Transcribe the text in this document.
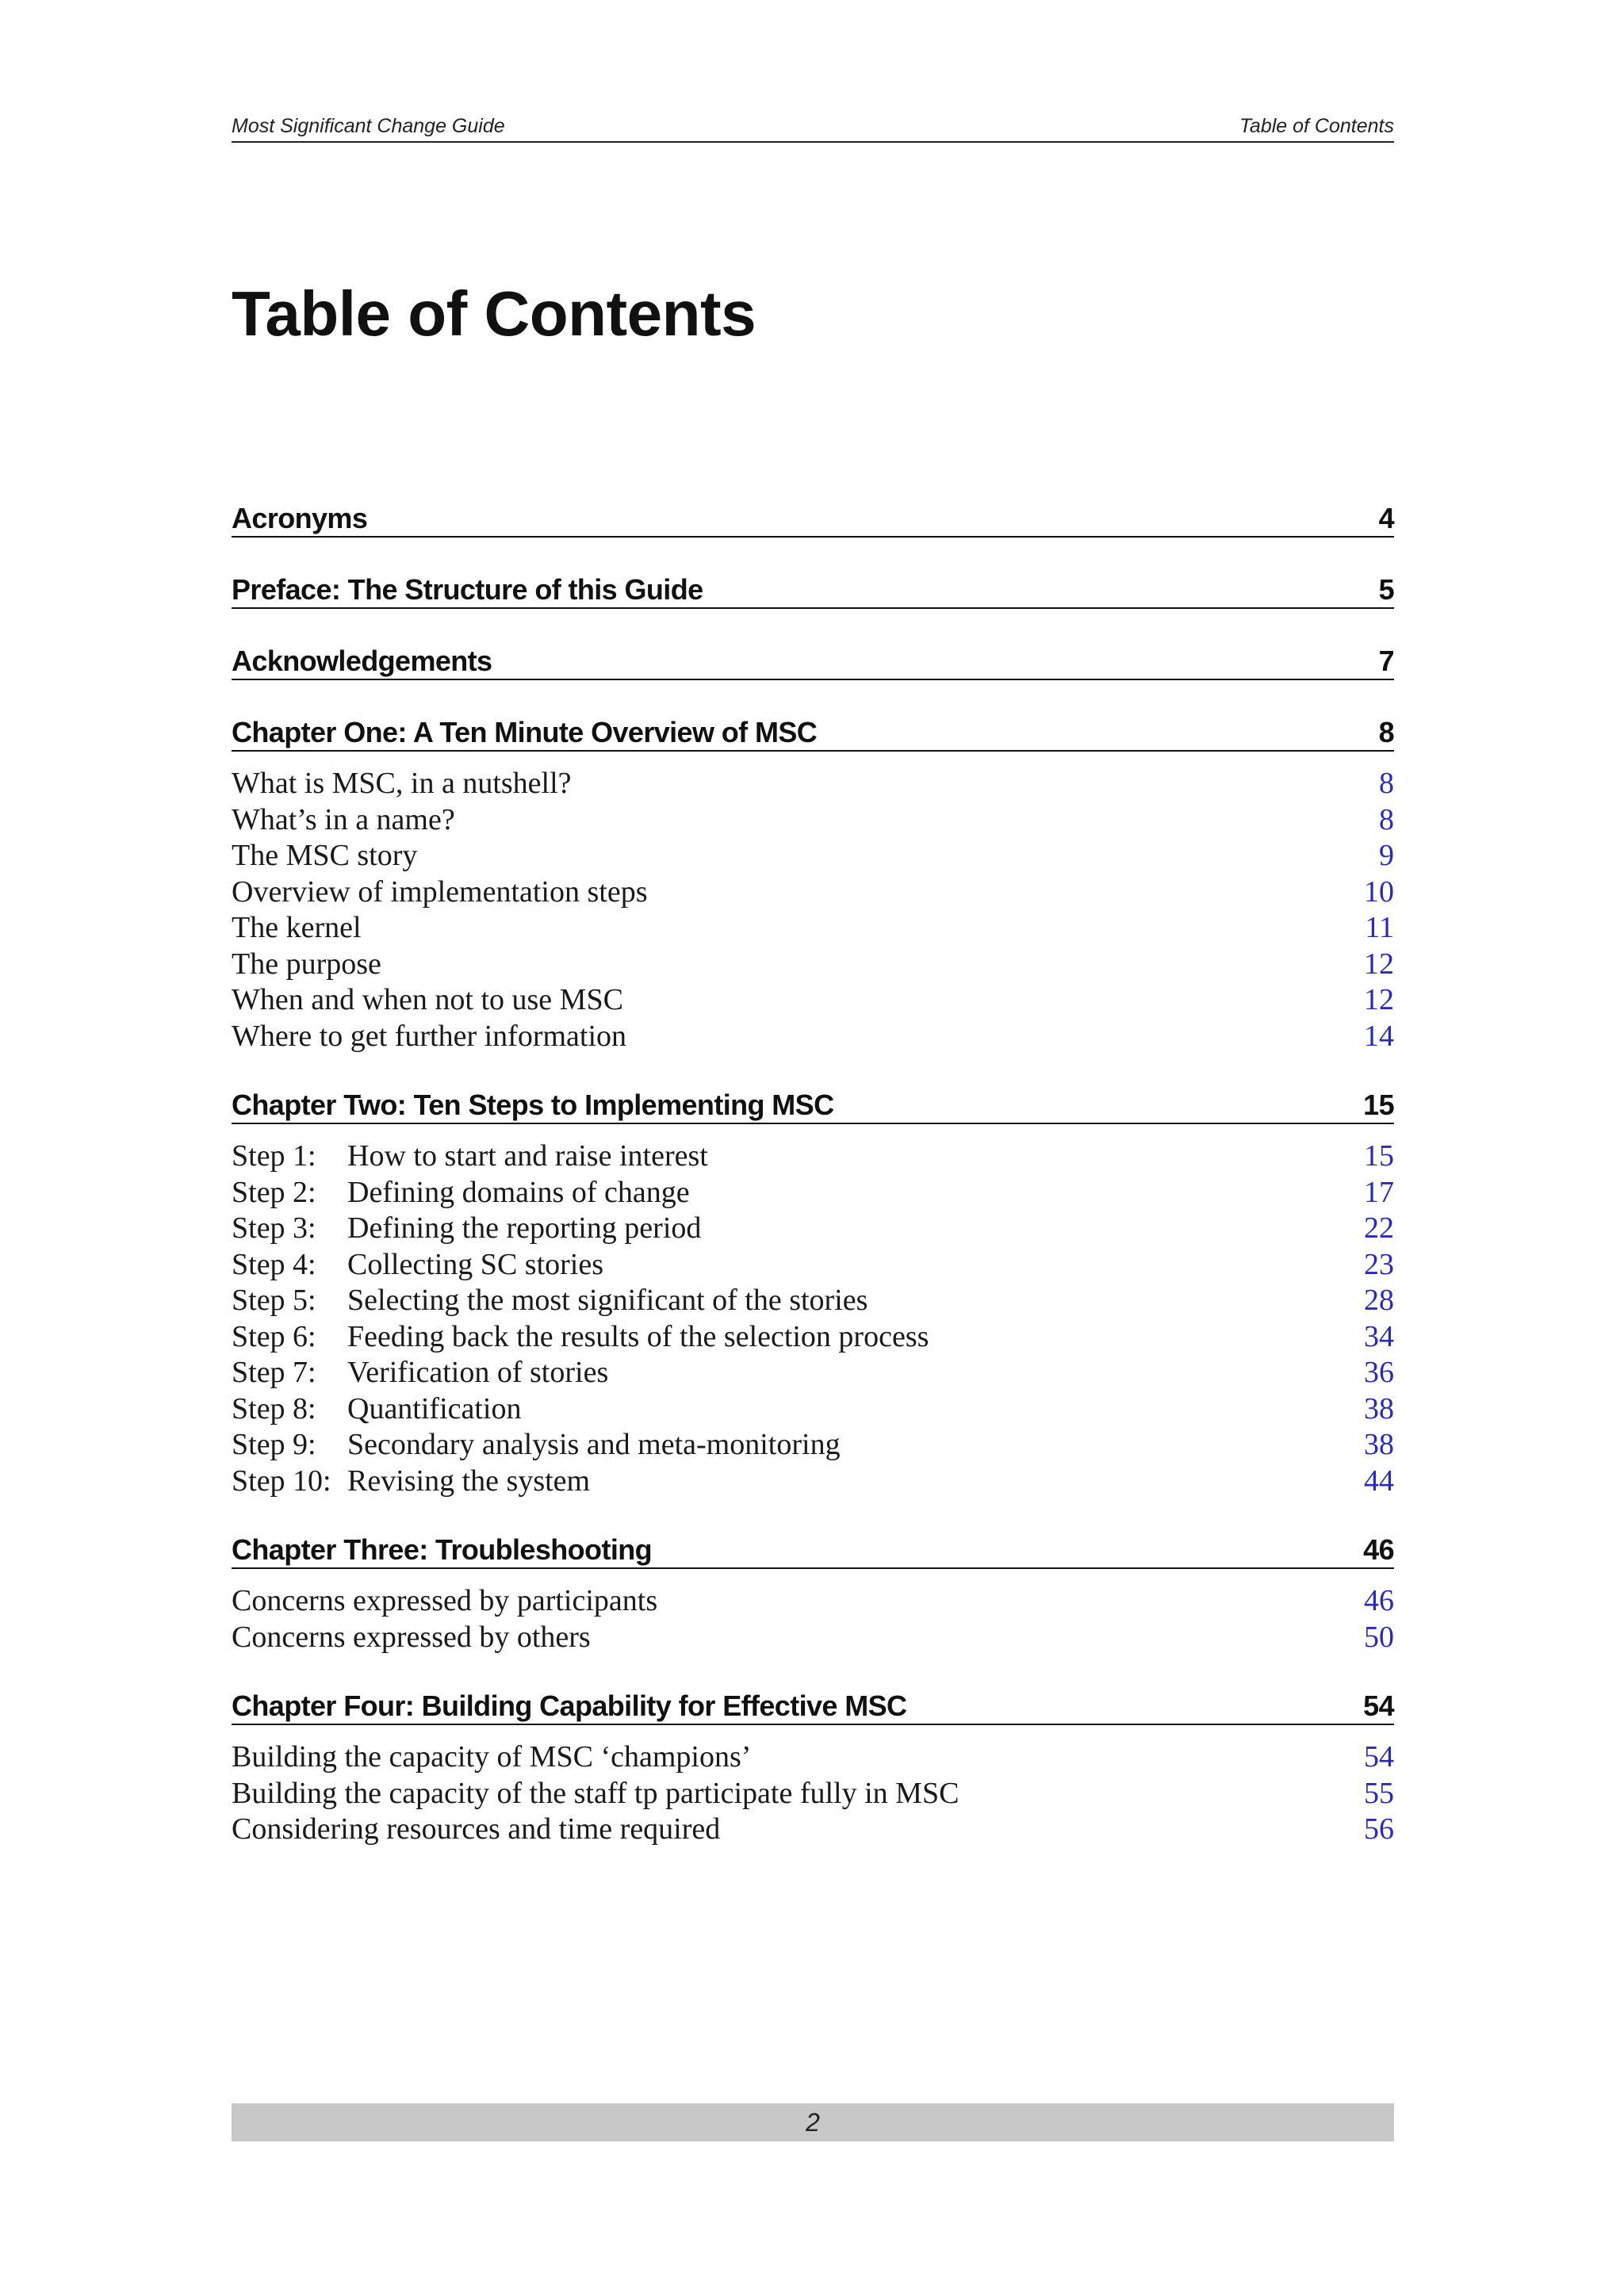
Most Significant Change Guide	Table of Contents
Table of Contents
Acronyms	4
Preface: The Structure of this Guide	5
Acknowledgements	7
Chapter One: A Ten Minute Overview of MSC	8
What is MSC, in a nutshell?	8
What’s in a name?	8
The MSC story	9
Overview of implementation steps	10
The kernel	11
The purpose	12
When and when not to use MSC	12
Where to get further information	14
Chapter Two: Ten Steps to Implementing MSC	15
Step 1:	How to start and raise interest	15
Step 2:	Defining domains of change	17
Step 3:	Defining the reporting period	22
Step 4:	Collecting SC stories	23
Step 5:	Selecting the most significant of the stories	28
Step 6:	Feeding back the results of the selection process	34
Step 7:	Verification of stories	36
Step 8:	Quantification	38
Step 9:	Secondary analysis and meta-monitoring	38
Step 10: Revising the system	44
Chapter Three: Troubleshooting	46
Concerns expressed by participants	46
Concerns expressed by others	50
Chapter Four: Building Capability for Effective MSC	54
Building the capacity of MSC ‘champions’	54
Building the capacity of the staff tp participate fully in MSC	55
Considering resources and time required	56
2
